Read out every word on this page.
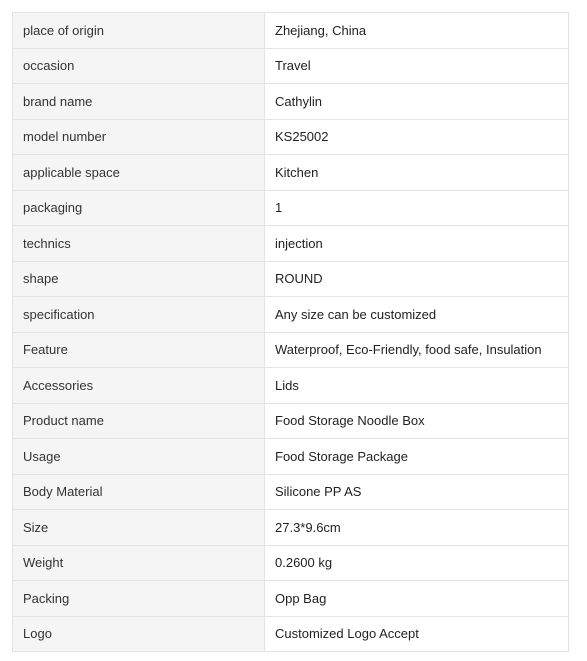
place of origin	Zhejiang, China
occasion	Travel
brand name	Cathylin
model number	KS25002
applicable space	Kitchen
packaging	1
technics	injection
shape	ROUND
specification	Any size can be customized
Feature	Waterproof, Eco-Friendly, food safe, Insulation
Accessories	Lids
Product name	Food Storage Noodle Box
Usage	Food Storage Package
Body Material	Silicone PP AS
Size	27.3*9.6cm
Weight	0.2600 kg
Packing	Opp Bag
Logo	Customized Logo Accept
